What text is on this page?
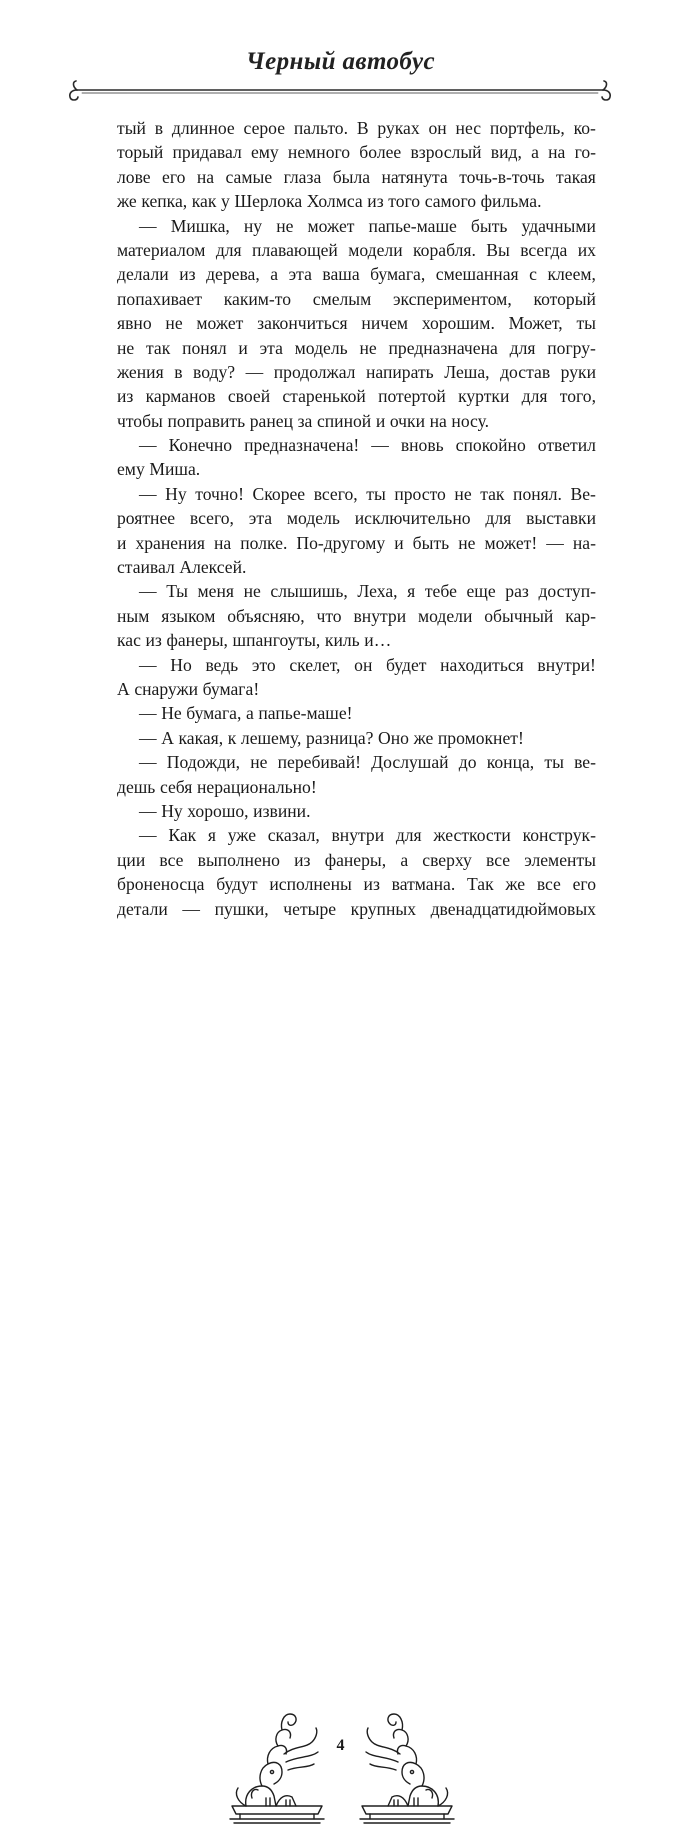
Черный автобус
тый в длинное серое пальто. В руках он нес портфель, ко-
торый придавал ему немного более взрослый вид, а на го-
лове его на самые глаза была натянута точь-в-точь такая
же кепка, как у Шерлока Холмса из того самого фильма.
— Мишка, ну не может папье-маше быть удачными
материалом для плавающей модели корабля. Вы всегда их
делали из дерева, а эта ваша бумага, смешанная с клеем,
попахивает каким-то смелым экспериментом, который
явно не может закончиться ничем хорошим. Может, ты
не так понял и эта модель не предназначена для погру-
жения в воду? — продолжал напирать Леша, достав руки
из карманов своей старенькой потертой куртки для того,
чтобы поправить ранец за спиной и очки на носу.
— Конечно предназначена! — вновь спокойно ответил
ему Миша.
— Ну точно! Скорее всего, ты просто не так понял. Ве-
роятнее всего, эта модель исключительно для выставки
и хранения на полке. По-другому и быть не может! — на-
стаивал Алексей.
— Ты меня не слышишь, Леха, я тебе еще раз доступ-
ным языком объясняю, что внутри модели обычный кар-
кас из фанеры, шпангоуты, киль и…
— Но ведь это скелет, он будет находиться внутри!
А снаружи бумага!
— Не бумага, а папье-маше!
— А какая, к лешему, разница? Оно же промокнет!
— Подожди, не перебивай! Дослушай до конца, ты ве-
дешь себя нерационально!
— Ну хорошо, извини.
— Как я уже сказал, внутри для жесткости конструк-
ции все выполнено из фанеры, а сверху все элементы
броненосца будут исполнены из ватмана. Так же все его
детали — пушки, четыре крупных двенадцатидюймовых
4
